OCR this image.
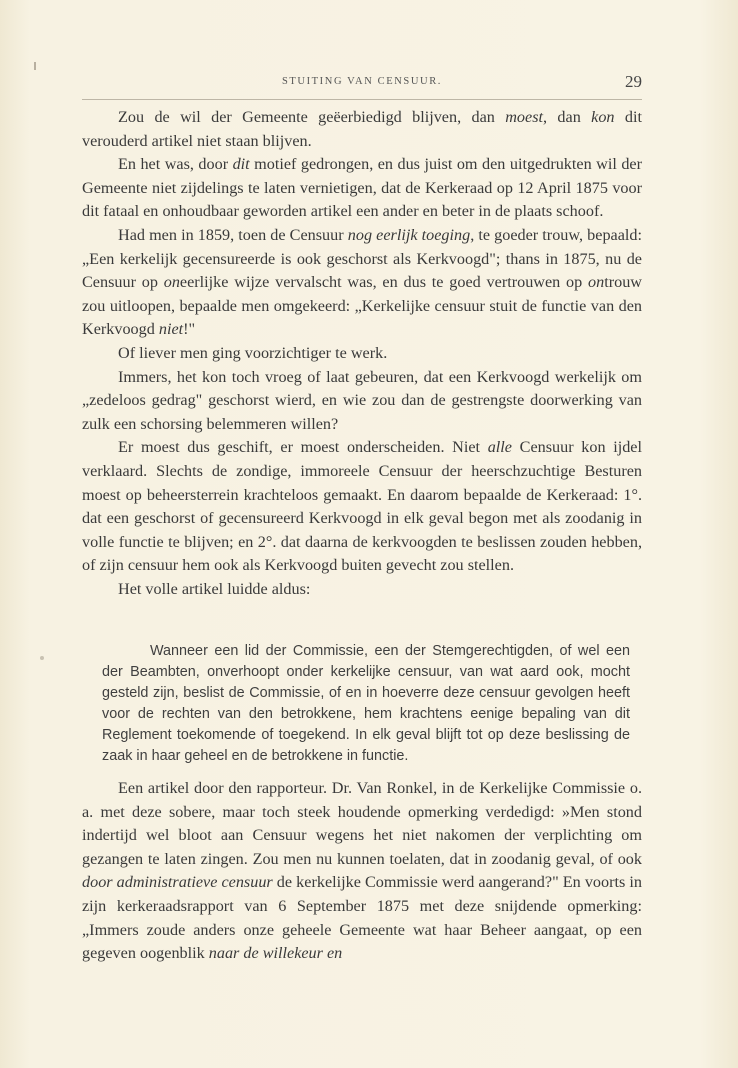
STUITING VAN CENSUUR.	29

Zou de wil der Gemeente geëerbiedigd blijven, dan moest, dan kon dit verouderd artikel niet staan blijven.

En het was, door dit motief gedrongen, en dus juist om den uitgedrukten wil der Gemeente niet zijdelings te laten vernietigen, dat de Kerkeraad op 12 April 1875 voor dit fataal en onhoudbaar geworden artikel een ander en beter in de plaats schoof.

Had men in 1859, toen de Censuur nog eerlijk toeging, te goeder trouw, bepaald: „Een kerkelijk gecensureerde is ook geschorst als Kerkvoogd"; thans in 1875, nu de Censuur op oneerlijke wijze vervalscht was, en dus te goed vertrouwen op ontrouw zou uitloopen, bepaalde men omgekeerd: „Kerkelijke censuur stuit de functie van den Kerkvoogd niet!"

Of liever men ging voorzichtiger te werk.

Immers, het kon toch vroeg of laat gebeuren, dat een Kerkvoogd werkelijk om „zedeloos gedrag" geschorst wierd, en wie zou dan de gestrengste doorwerking van zulk een schorsing belemmeren willen?

Er moest dus geschift, er moest onderscheiden. Niet alle Censuur kon ijdel verklaard. Slechts de zondige, immoreele Censuur der heerschzuchtige Besturen moest op beheersterrein krachteloos gemaakt. En daarom bepaalde de Kerkeraad: 1°. dat een geschorst of gecensureerd Kerkvoogd in elk geval begon met als zoodanig in volle functie te blijven; en 2°. dat daarna de kerkvoogden te beslissen zouden hebben, of zijn censuur hem ook als Kerkvoogd buiten gevecht zou stellen.

Het volle artikel luidde aldus:

Wanneer een lid der Commissie, een der Stemgerechtigden, of wel een der Beambten, onverhoopt onder kerkelijke censuur, van wat aard ook, mocht gesteld zijn, beslist de Commissie, of en in hoeverre deze censuur gevolgen heeft voor de rechten van den betrokkene, hem krachtens eenige bepaling van dit Reglement toekomende of toegekend. In elk geval blijft tot op deze beslissing de zaak in haar geheel en de betrokkene in functie.

Een artikel door den rapporteur. Dr. Van Ronkel, in de Kerkelijke Commissie o. a. met deze sobere, maar toch steek houdende opmerking verdedigd: »Men stond indertijd wel bloot aan Censuur wegens het niet nakomen der verplichting om gezangen te laten zingen. Zou men nu kunnen toelaten, dat in zoodanig geval, of ook door administratieve censuur de kerkelijke Commissie werd aangerand?" En voorts in zijn kerkeraadsrapport van 6 September 1875 met deze snijdende opmerking: „Immers zoude anders onze geheele Gemeente wat haar Beheer aangaat, op een gegeven oogenblik naar de willekeur en
